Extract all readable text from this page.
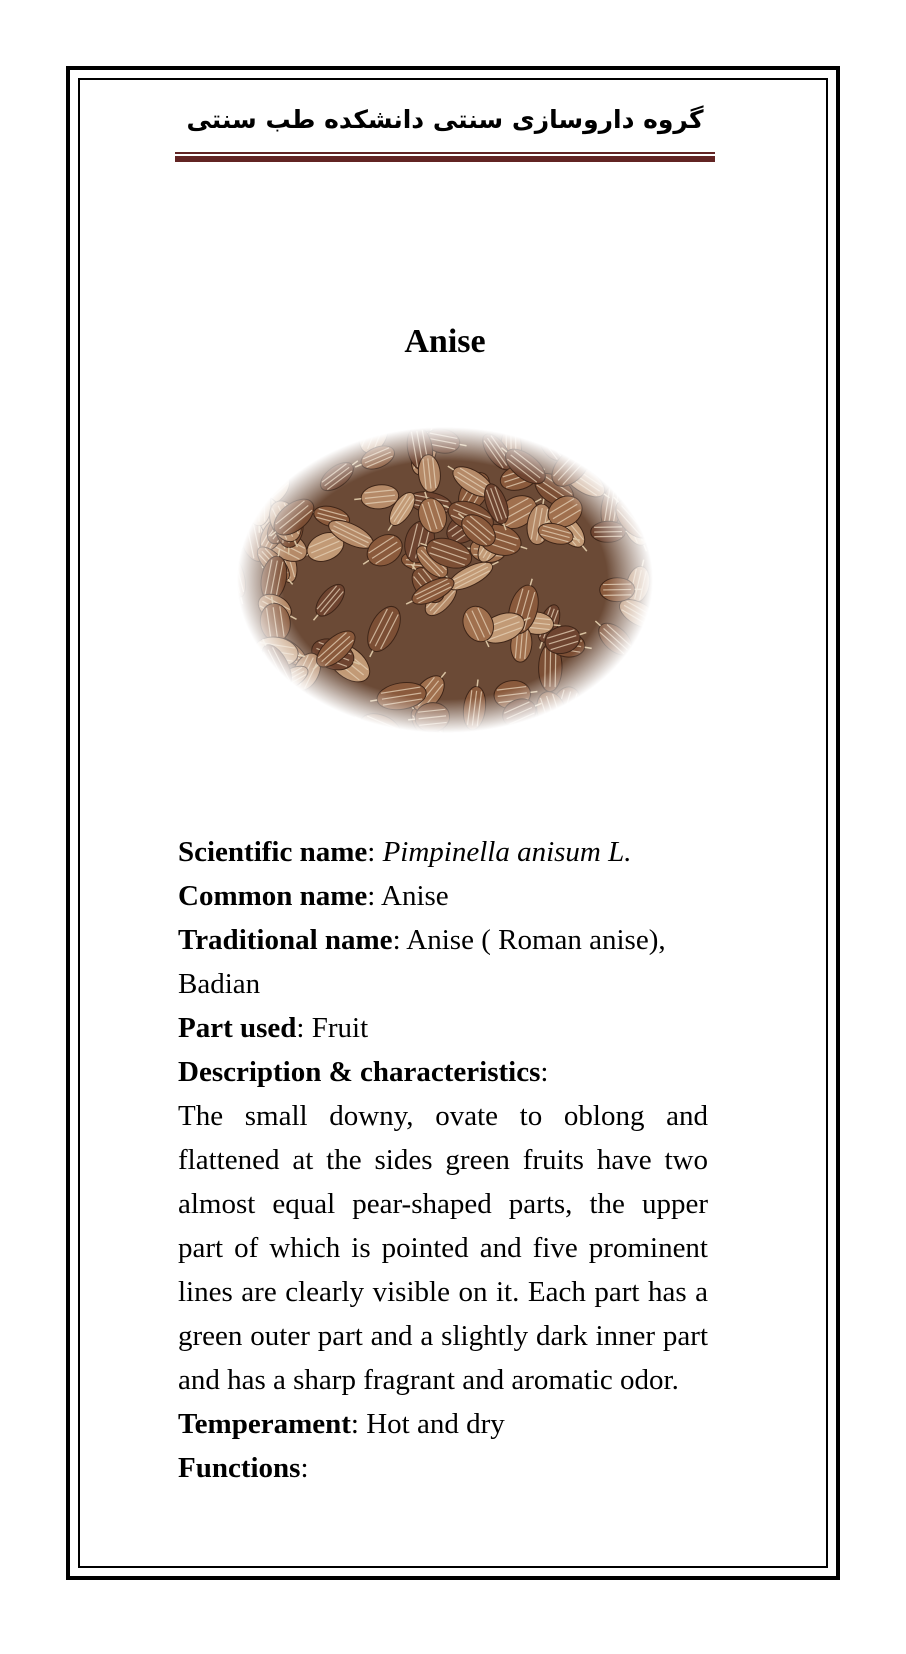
گروه داروسازی سنتی دانشکده طب سنتی
Anise

Scientific name: Pimpinella anisum L.

Common name: Anise

Traditional name: Anise ( Roman anise), Badian

Part used: Fruit

Description & characteristics:

The small downy, ovate to oblong and flattened at the sides green fruits have two almost equal pear-shaped parts, the upper part of which is pointed and five prominent lines are clearly visible on it. Each part has a green outer part and a slightly dark inner part and has a sharp fragrant and aromatic odor.

Temperament: Hot and dry

Functions:
